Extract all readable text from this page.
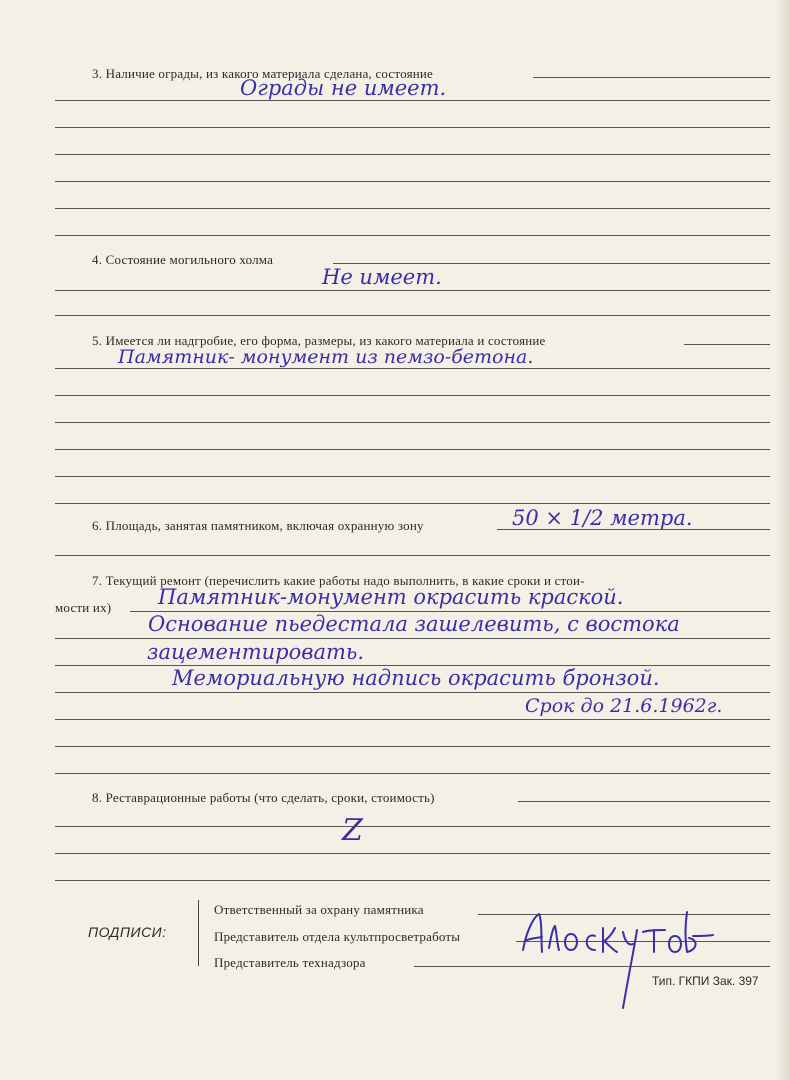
3. Наличие ограды, из какого материала сделана, состояние
Ограды не имеет.
4. Состояние могильного холма
Не имеет.
5. Имеется ли надгробие, его форма, размеры, из какого материала и состояние
Памятник- монумент из пемзо-бетона.
6. Площадь, занятая памятником, включая охранную зону	50 × 1/2 метра.
7. Текущий ремонт (перечислить какие работы надо выполнить, в какие сроки и стои-
мости их) Памятник-монумент окрасить краской.
Основание пьедестала зашелевить, с востока
зацементировать.
Мемориальную надпись окрасить бронзой.
Срок до 21.6.1962г.
8. Реставрационные работы (что сделать, сроки, стоимость)
Z
ПОДПИСИ:
Ответственный за охрану памятника
Представитель отдела культпросветработы
Представитель технадзора
Тип. ГКПИ Зак. 397
